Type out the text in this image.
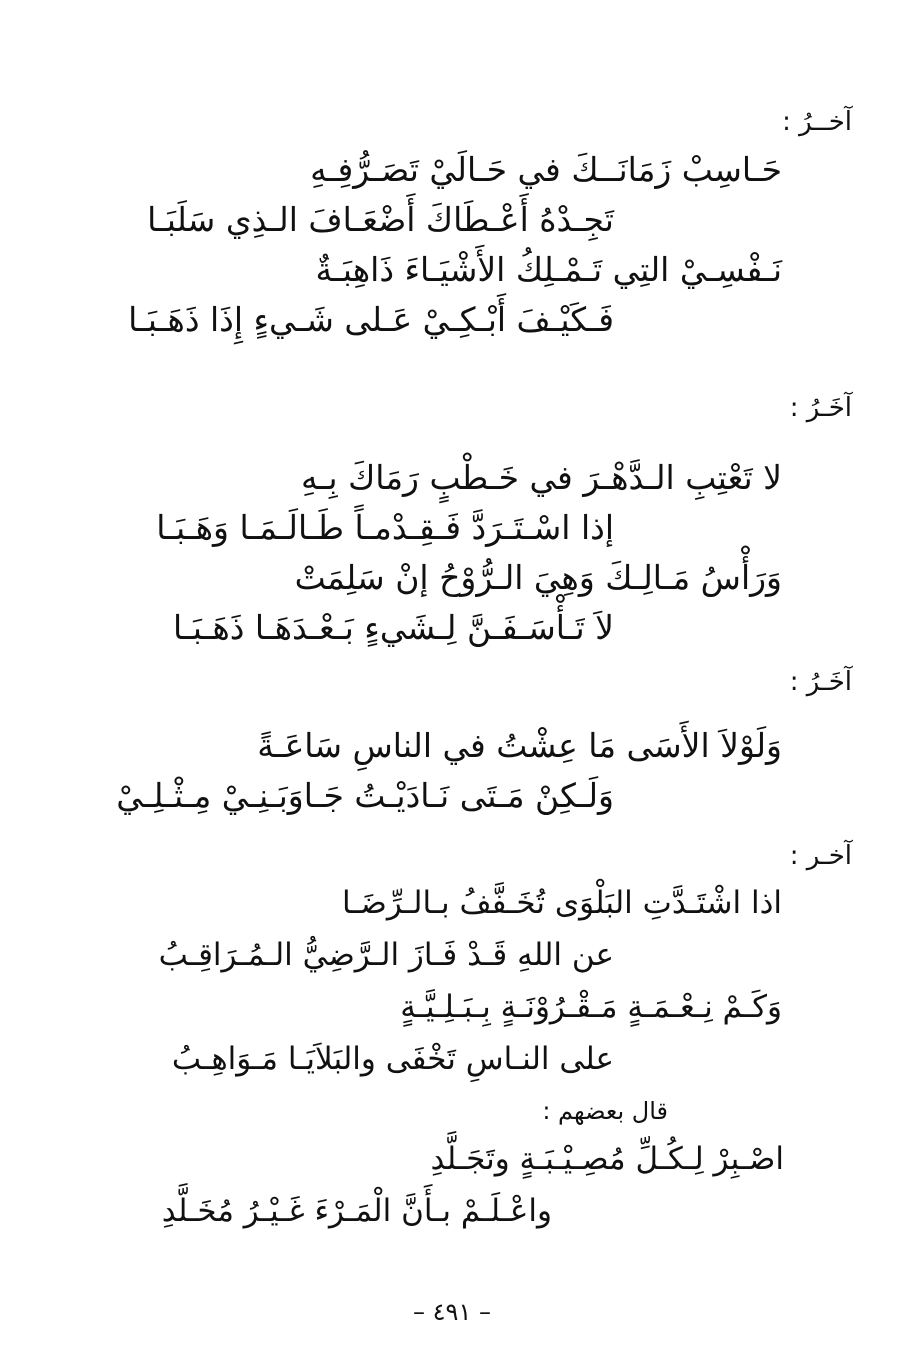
آخــرُ :
حَـاسِبْ زَمَانَــكَ في حَـالَيْ تَصَـرُّفِـهِ
تَجِـدْهُ أَعْـطَاكَ أَضْعَـافَ الـذِي سَلَبَـا
نَـفْسِـيْ التِي تَـمْـلِكُ الأَشْيَـاءَ ذَاهِبَـةٌ
فَـكَيْـفَ أَبْـكِـيْ عَـلى شَـيءٍ إِذَا ذَهَـبَـا
آخَـرُ :
لا تَعْتِبِ الـدَّهْـرَ في خَـطْبٍ رَمَاكَ بِـهِ
إذا اسْـتَـرَدَّ فَـقِـدْمـاً طَـالَـمَـا وَهَـبَـا
وَرَأْسُ مَـالِـكَ وَهِيَ الـرُّوْحُ إنْ سَلِمَتْ
لاَ تَـأْسَـفَـنَّ لِـشَيءٍ بَـعْـدَهَـا ذَهَـبَـا
آخَـرُ :
وَلَوْلاَ الأَسَى مَا عِشْتُ في الناسِ سَاعَـةً
وَلَـكِنْ مَـتَى نَـادَيْـتُ جَـاوَبَـنِـيْ مِـثْـلِـيْ
آخـر :
اذا اشْتَـدَّتِ البَلْوَى تُخَـفَّفُ بـالـرِّضَـا
عن اللهِ قَـدْ فَـازَ الـرَّضِيُّ الـمُـرَاقِـبُ
وَكَـمْ نِـعْـمَـةٍ مَـقْـرُوْنَـةٍ بِـبَـلِـيَّـةٍ
على النـاسِ تَخْفَى والبَلاَيَـا مَـوَاهِـبُ
قال بعضهم :
اصْـبِرْ لِـكُـلِّ مُصِـيْـبَـةٍ وتَجَـلَّدِ
واعْـلَـمْ بـأَنَّ الْمَـرْءَ غَـيْـرُ مُخَـلَّدِ
– ٤٩١ –
